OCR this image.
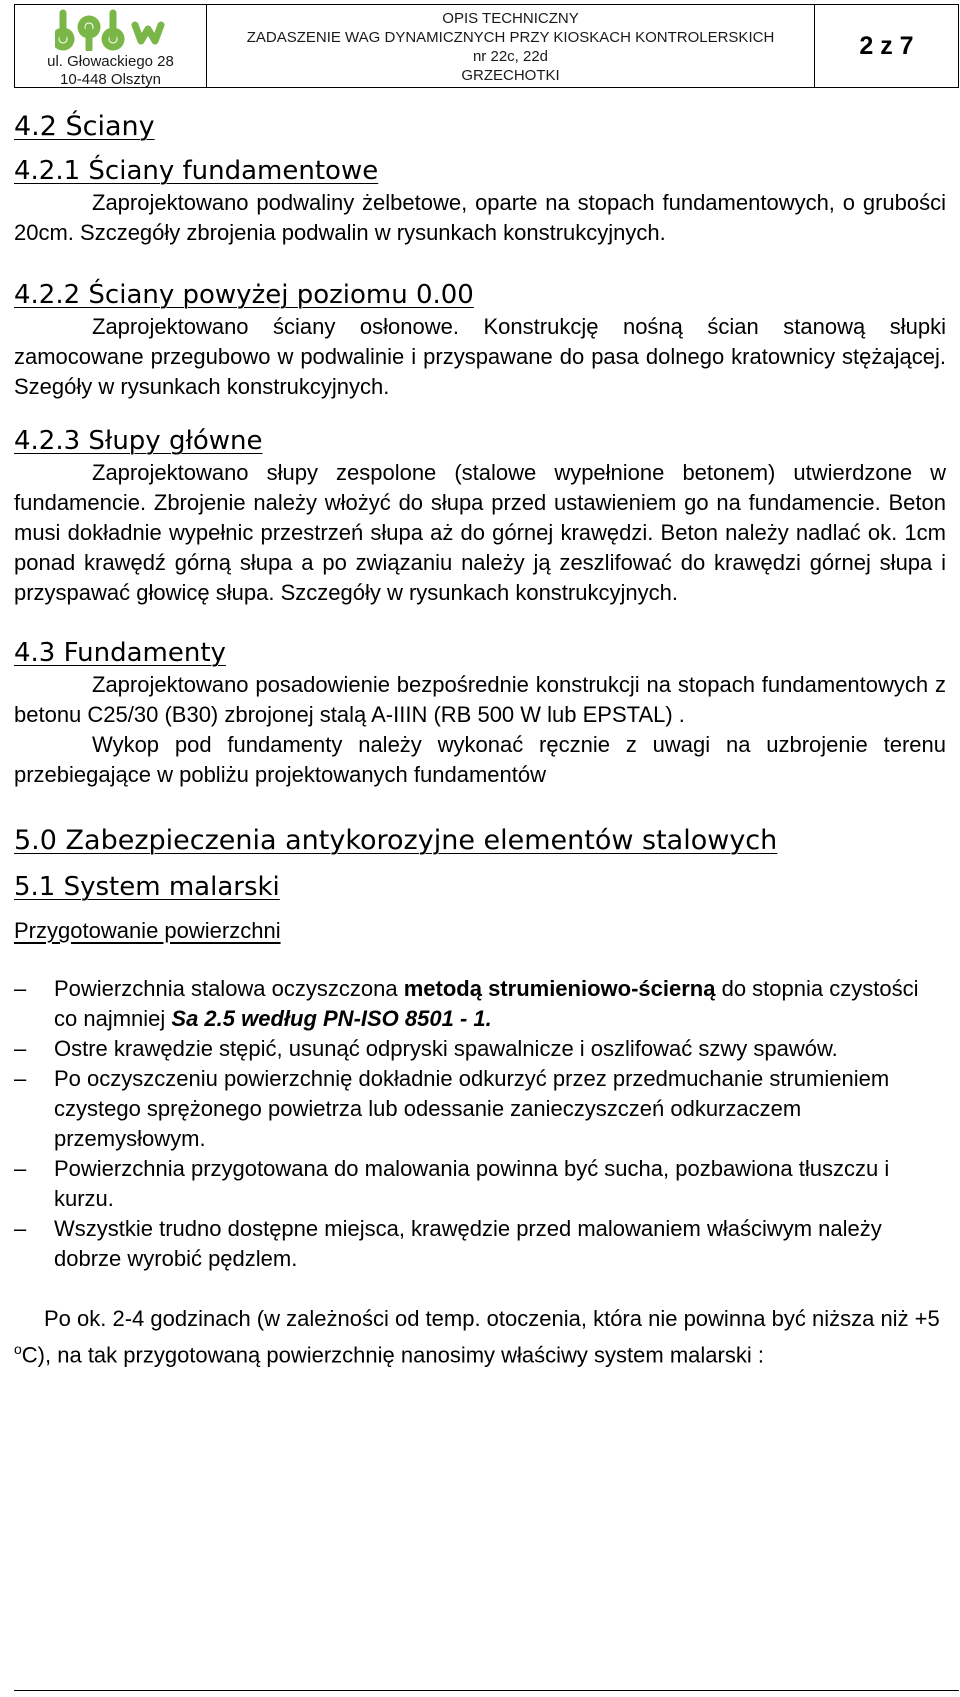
ul. Głowackiego 28
10-448 Olsztyn
OPIS TECHNICZNY
ZADASZENIE WAG DYNAMICZNYCH PRZY KIOSKACH KONTROLERSKICH
nr 22c, 22d
GRZECHOTKI
2 z 7
4.2 Ściany
4.2.1 Ściany fundamentowe

Zaprojektowano podwaliny żelbetowe, oparte na stopach fundamentowych, o grubości 20cm. Szczegóły zbrojenia podwalin w rysunkach konstrukcyjnych.

4.2.2 Ściany powyżej poziomu 0.00

Zaprojektowano ściany osłonowe. Konstrukcję nośną ścian stanową słupki zamocowane przegubowo w podwalinie i przyspawane do pasa dolnego kratownicy stężającej. Szegóły w rysunkach konstrukcyjnych.

4.2.3 Słupy główne

Zaprojektowano słupy zespolone (stalowe wypełnione betonem) utwierdzone w fundamencie. Zbrojenie należy włożyć do słupa przed ustawieniem go na fundamencie. Beton musi dokładnie wypełnic przestrzeń słupa aż do górnej krawędzi. Beton należy nadlać ok. 1cm ponad krawędź górną słupa a po związaniu należy ją zeszlifować do krawędzi górnej słupa i przyspawać głowicę słupa. Szczegóły w rysunkach konstrukcyjnych.

4.3 Fundamenty

Zaprojektowano posadowienie bezpośrednie konstrukcji na stopach fundamentowych z betonu C25/30 (B30) zbrojonej stalą A-IIIN (RB 500 W lub EPSTAL) .

Wykop pod fundamenty należy wykonać ręcznie z uwagi na uzbrojenie terenu przebiegające w pobliżu projektowanych fundamentów

5.0 Zabezpieczenia antykorozyjne elementów stalowych
5.1 System malarski

Przygotowanie powierzchni

– Powierzchnia stalowa oczyszczona metodą strumieniowo-ścierną do stopnia czystości co najmniej Sa 2.5 według PN-ISO 8501 - 1.
– Ostre krawędzie stępić, usunąć odpryski spawalnicze i oszlifować szwy spawów.
– Po oczyszczeniu powierzchnię dokładnie odkurzyć przez przedmuchanie strumieniem czystego sprężonego powietrza lub odessanie zanieczyszczeń odkurzaczem przemysłowym.
– Powierzchnia przygotowana do malowania powinna być sucha, pozbawiona tłuszczu i kurzu.
– Wszystkie trudno dostępne miejsca, krawędzie przed malowaniem właściwym należy dobrze wyrobić pędzlem.

Po ok. 2-4 godzinach (w zależności od temp. otoczenia, która nie powinna być niższa niż +5 $^o$C), na tak przygotowaną powierzchnię nanosimy właściwy system malarski :
